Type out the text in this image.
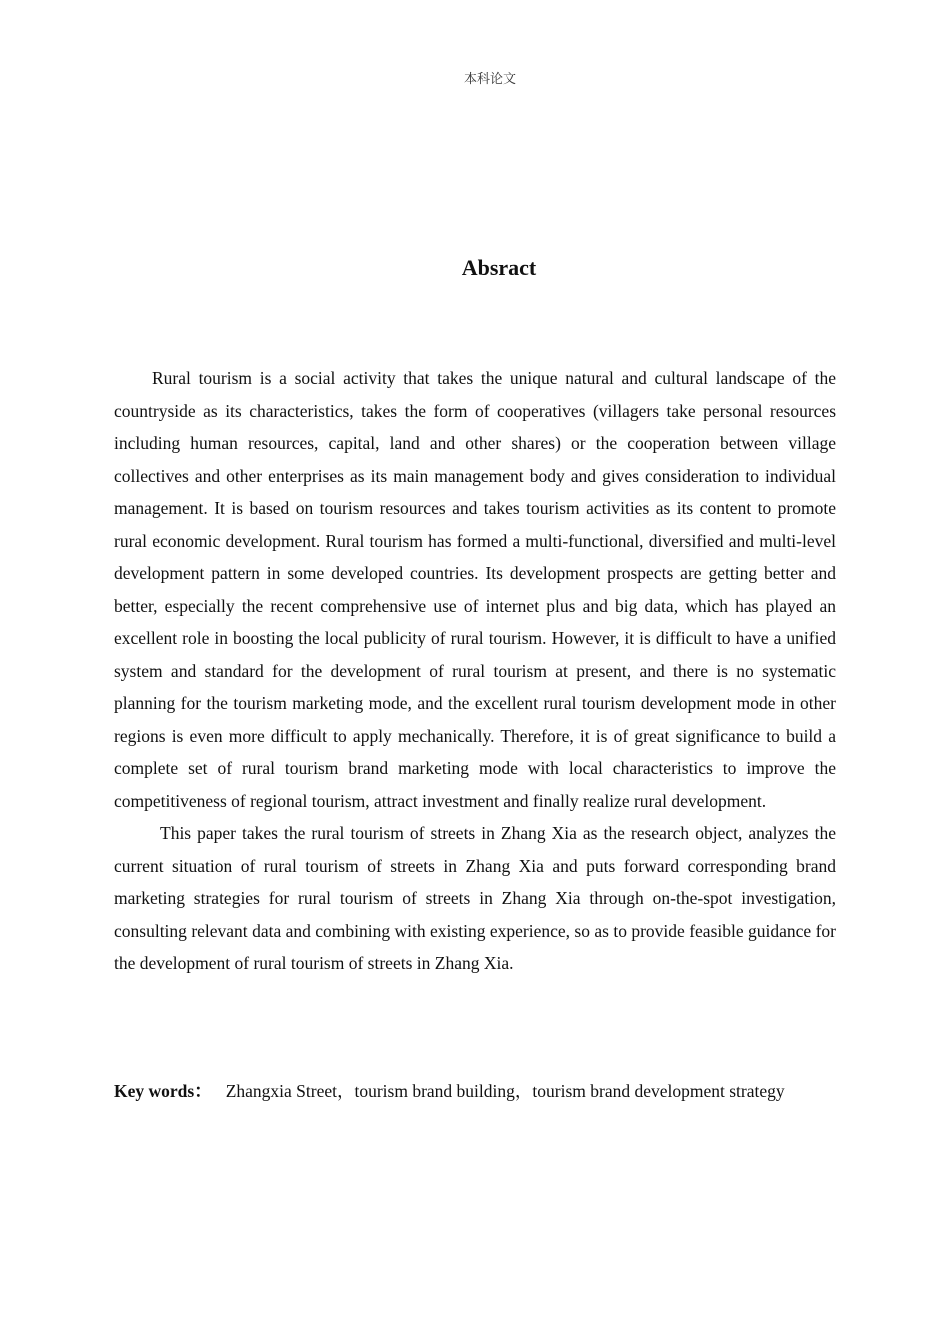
本科论文
Absract

Rural tourism is a social activity that takes the unique natural and cultural landscape of the countryside as its characteristics, takes the form of cooperatives (villagers take personal resources including human resources, capital, land and other shares) or the cooperation between village collectives and other enterprises as its main management body and gives consideration to individual management. It is based on tourism resources and takes tourism activities as its content to promote rural economic development. Rural tourism has formed a multi-functional, diversified and multi-level development pattern in some developed countries. Its development prospects are getting better and better, especially the recent comprehensive use of internet plus and big data, which has played an excellent role in boosting the local publicity of rural tourism. However, it is difficult to have a unified system and standard for the development of rural tourism at present, and there is no systematic planning for the tourism marketing mode, and the excellent rural tourism development mode in other regions is even more difficult to apply mechanically. Therefore, it is of great significance to build a complete set of rural tourism brand marketing mode with local characteristics to improve the competitiveness of regional tourism, attract investment and finally realize rural development.

This paper takes the rural tourism of streets in Zhang Xia as the research object, analyzes the current situation of rural tourism of streets in Zhang Xia and puts forward corresponding brand marketing strategies for rural tourism of streets in Zhang Xia through on-the-spot investigation, consulting relevant data and combining with existing experience, so as to provide feasible guidance for the development of rural tourism of streets in Zhang Xia.

Key words： Zhangxia Street，tourism brand building，tourism brand development strategy
